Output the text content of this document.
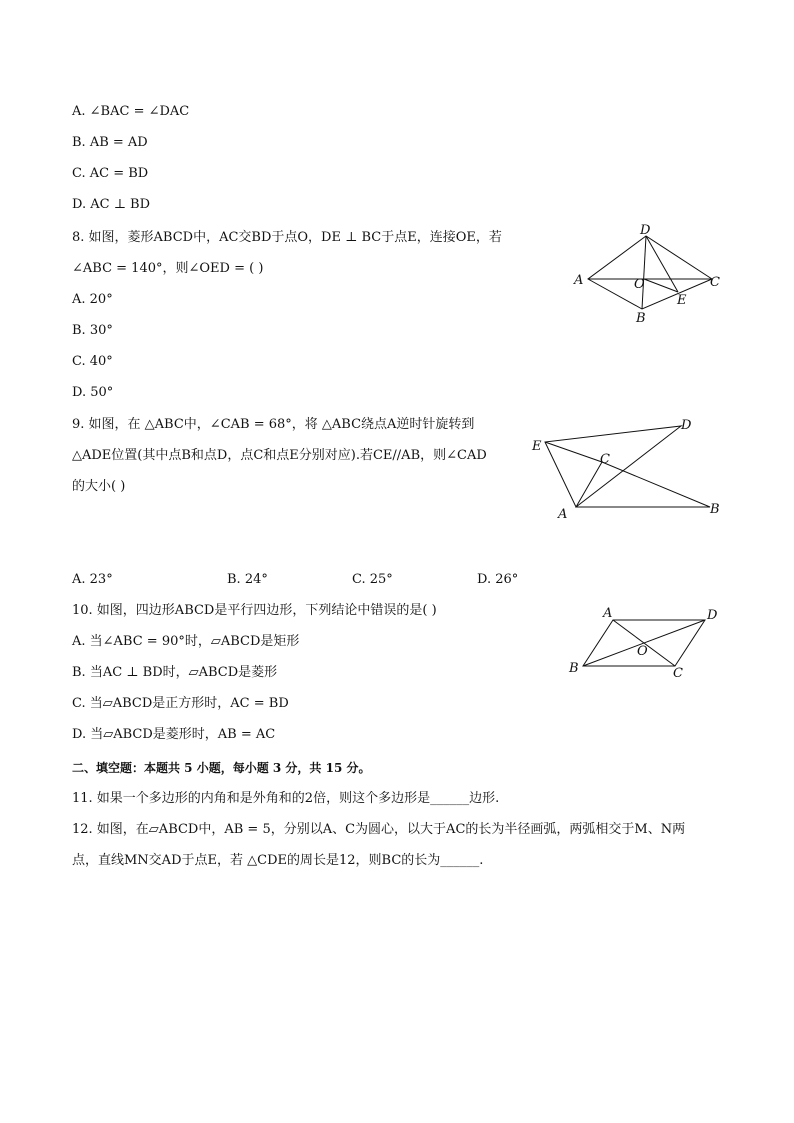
A. ∠BAC = ∠DAC
B. AB = AD
C. AC = BD
D. AC ⊥ BD
8. 如图，菱形ABCD中，AC交BD于点O，DE ⊥ BC于点E，连接OE，若
∠ABC = 140°，则∠OED = ( )
A. 20°
B. 30°
C. 40°
D. 50°
D
A	O	C
E
B
9. 如图，在 △ABC中，∠CAB = 68°，将 △ABC绕点A逆时针旋转到
△ADE位置(其中点B和点D，点C和点E分别对应).若CE//AB，则∠CAD
的大小( )
D
E
C
A	B
A. 23°	B. 24°	C. 25°	D. 26°
10. 如图，四边形ABCD是平行四边形，下列结论中错误的是( )
A. 当∠ABC = 90°时，▱ABCD是矩形
B. 当AC ⊥ BD时，▱ABCD是菱形
C. 当▱ABCD是正方形时，AC = BD
D. 当▱ABCD是菱形时，AB = AC
A	D
O
B	C
二、填空题：本题共 5 小题，每小题 3 分，共 15 分。
11. 如果一个多边形的内角和是外角和的2倍，则这个多边形是______边形.
12. 如图，在▱ABCD中，AB = 5，分别以A、C为圆心，以大于AC的长为半径画弧，两弧相交于M、N两
点，直线MN交AD于点E，若 △CDE的周长是12，则BC的长为______.
